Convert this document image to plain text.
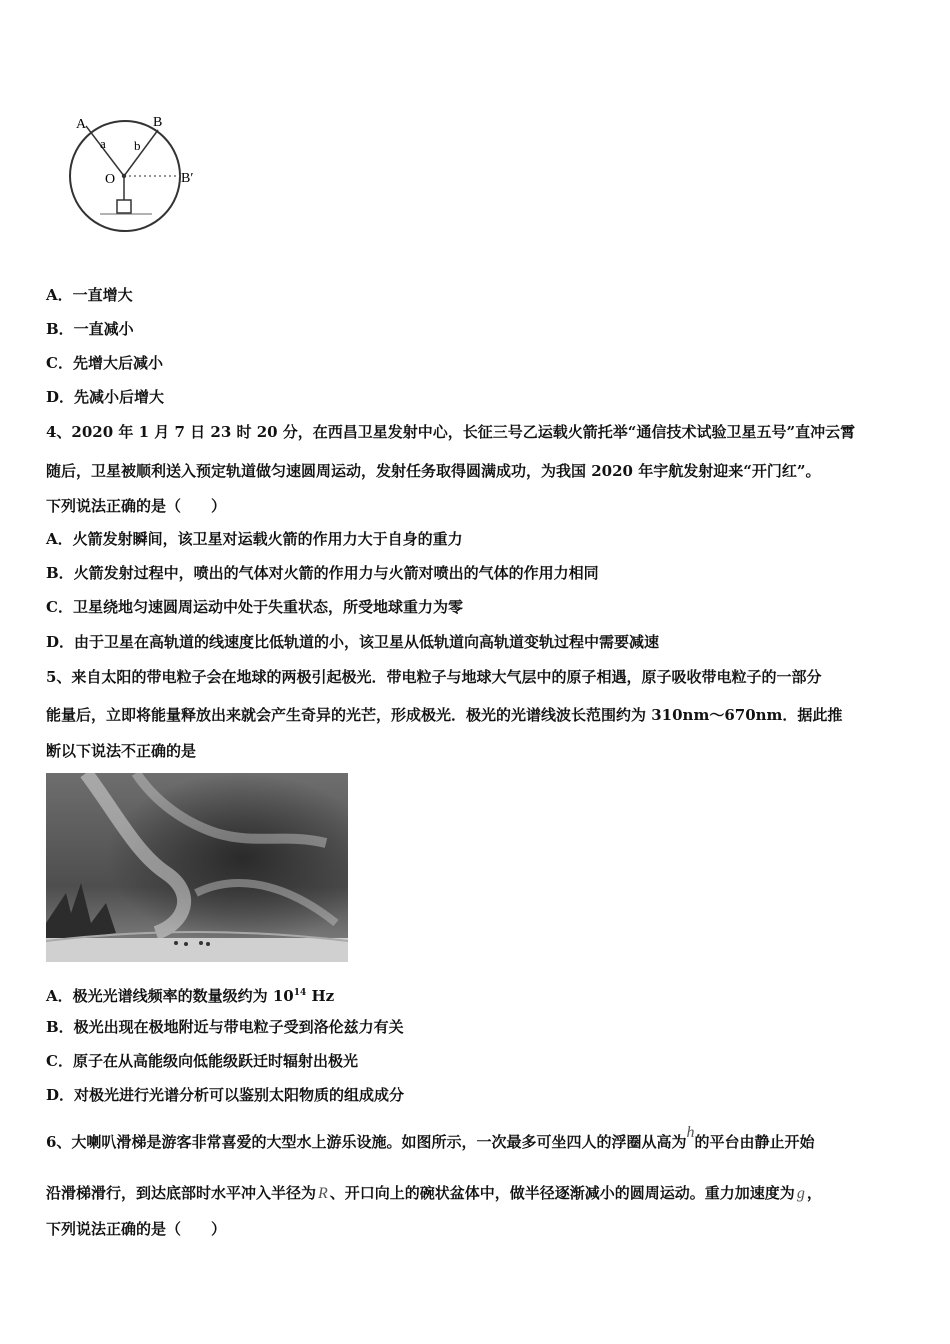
A	B
a b
O	B′
A．一直增大
B．一直减小
C．先增大后减小
D．先减小后增大
4、2020 年 1 月 7 日 23 时 20 分，在西昌卫星发射中心，长征三号乙运载火箭托举“通信技术试验卫星五号”直冲云霄
随后，卫星被顺利送入预定轨道做匀速圆周运动，发射任务取得圆满成功，为我国 2020 年宇航发射迎来“开门红”。
下列说法正确的是（　　）
A．火箭发射瞬间，该卫星对运载火箭的作用力大于自身的重力
B．火箭发射过程中，喷出的气体对火箭的作用力与火箭对喷出的气体的作用力相同
C．卫星绕地匀速圆周运动中处于失重状态，所受地球重力为零
D．由于卫星在高轨道的线速度比低轨道的小，该卫星从低轨道向高轨道变轨过程中需要减速
5、来自太阳的带电粒子会在地球的两极引起极光．带电粒子与地球大气层中的原子相遇，原子吸收带电粒子的一部分
能量后，立即将能量释放出来就会产生奇异的光芒，形成极光．极光的光谱线波长范围约为 310nm～670nm．据此推
断以下说法不正确的是
A．极光光谱线频率的数量级约为 $10^{14}$ Hz
B．极光出现在极地附近与带电粒子受到洛伦兹力有关
C．原子在从高能级向低能级跃迁时辐射出极光
D．对极光进行光谱分析可以鉴别太阳物质的组成成分
6、大喇叭滑梯是游客非常喜爱的大型水上游乐设施。如图所示，一次最多可坐四人的浮圈从高为h的平台由静止开始
沿滑梯滑行，到达底部时水平冲入半径为 R 、开口向上的碗状盆体中，做半径逐渐减小的圆周运动。重力加速度为 g ，
下列说法正确的是（　　）
